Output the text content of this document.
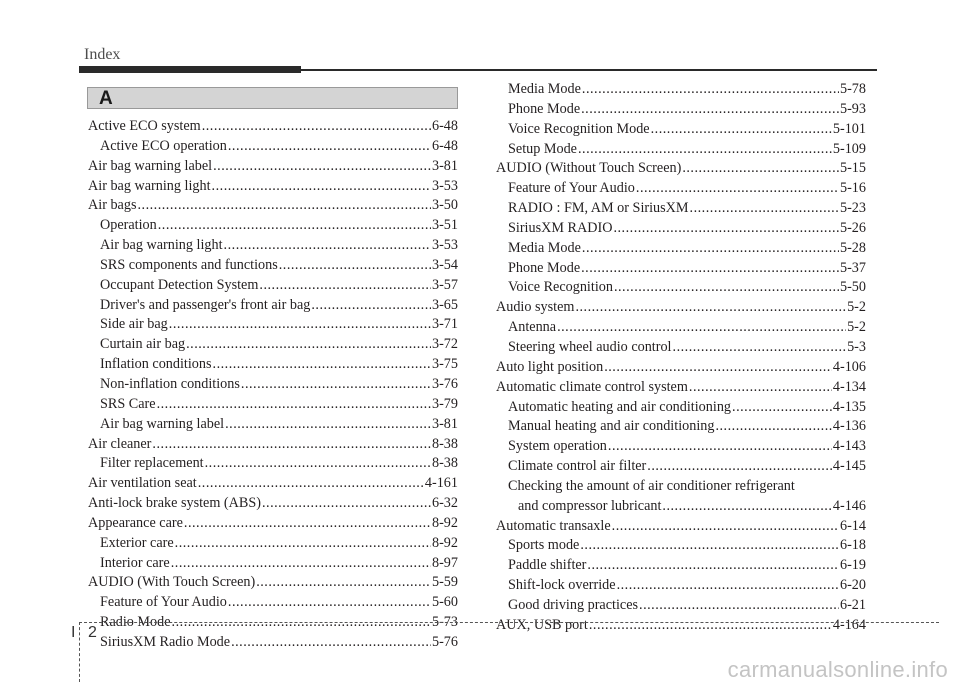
Index
A
Active ECO system .....	6-48
Active ECO operation .....	6-48
Air bag warning label .....	3-81
Air bag warning light .....	3-53
Air bags .....	3-50
Operation .....	3-51
Air bag warning light .....	3-53
SRS components and functions .....	3-54
Occupant Detection System .....	3-57
Driver's and passenger's front air bag .....	3-65
Side air bag .....	3-71
Curtain air bag .....	3-72
Inflation conditions .....	3-75
Non-inflation conditions .....	3-76
SRS Care .....	3-79
Air bag warning label .....	3-81
Air cleaner .....	8-38
Filter replacement .....	8-38
Air ventilation seat .....	4-161
Anti-lock brake system (ABS) .....	6-32
Appearance care .....	8-92
Exterior care .....	8-92
Interior care .....	8-97
AUDIO (With Touch Screen) .....	5-59
Feature of Your Audio .....	5-60
Radio Mode .....	5-73
SiriusXM Radio Mode .....	5-76
Media Mode .....	5-78
Phone Mode .....	5-93
Voice Recognition Mode .....	5-101
Setup Mode .....	5-109
AUDIO (Without Touch Screen) .....	5-15
Feature of Your Audio .....	5-16
RADIO : FM, AM or SiriusXM .....	5-23
SiriusXM RADIO .....	5-26
Media Mode .....	5-28
Phone Mode .....	5-37
Voice Recognition .....	5-50
Audio system .....	5-2
Antenna .....	5-2
Steering wheel audio control .....	5-3
Auto light position .....	4-106
Automatic climate control system .....	4-134
Automatic heating and air conditioning .....	4-135
Manual heating and air conditioning .....	4-136
System operation .....	4-143
Climate control air filter .....	4-145
Checking the amount of air conditioner refrigerant
and compressor lubricant .....	4-146
Automatic transaxle .....	6-14
Sports mode .....	6-18
Paddle shifter .....	6-19
Shift-lock override .....	6-20
Good driving practices .....	6-21
AUX, USB port .....	4-164
I 2
carmanualsonline.info
